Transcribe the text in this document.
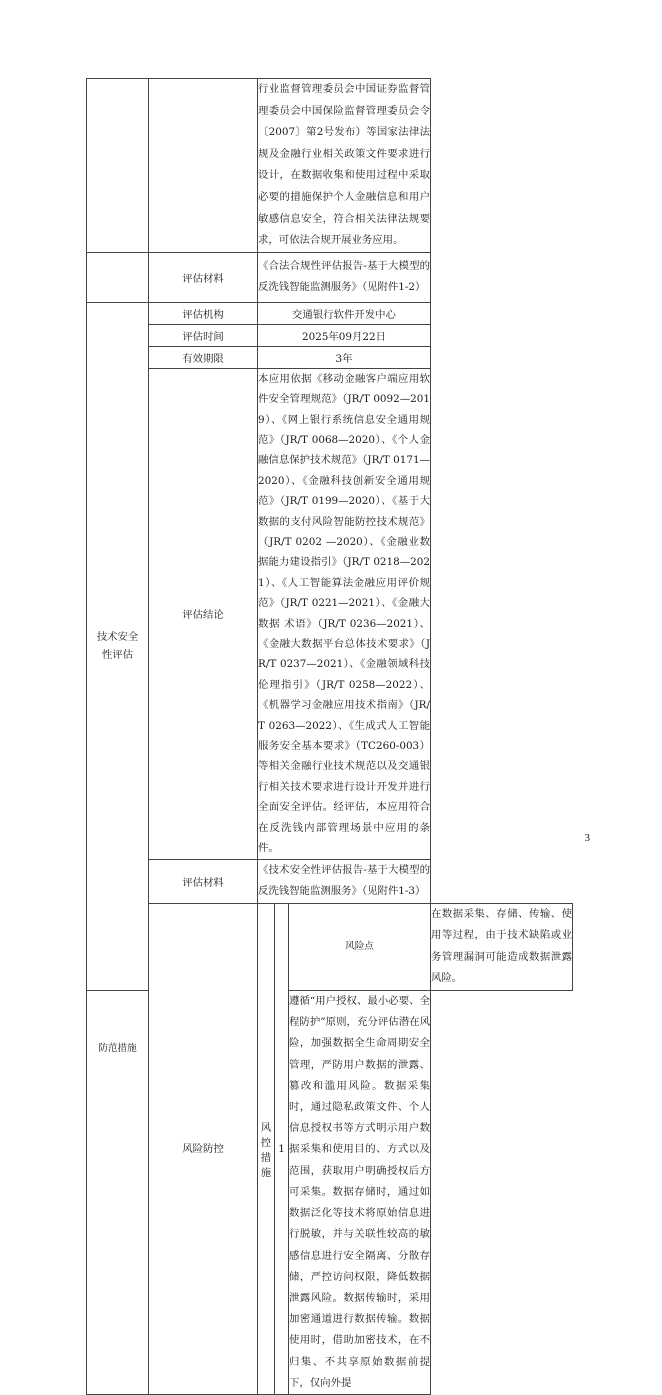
		行业监督管理委员会中国证券监督管理委员会中国保险监督管理委员会令〔2007〕第2号发布）等国家法律法规及金融行业相关政策文件要求进行设计，在数据收集和使用过程中采取必要的措施保护个人金融信息和用户敏感信息安全，符合相关法律法规要求，可依法合规开展业务应用。			
	评估材料	《合法合规性评估报告-基于大模型的反洗钱智能监测服务》（见附件1-2）			

技术安全性评估	评估机构	交通银行软件开发中心			
	评估时间	2025年09月22日			
	有效期限	3年			
	评估结论	本应用依据《移动金融客户端应用软件安全管理规范》（JR/T 0092—2019）、《网上银行系统信息安全通用规范》（JR/T 0068—2020）、《个人金融信息保护技术规范》（JR/T 0171—2020）、《金融科技创新安全通用规范》（JR/T 0199—2020）、《基于大数据的支付风险智能防控技术规范》（JR/T 0202 —2020）、《金融业数据能力建设指引》（JR/T 0218—2021）、《人工智能算法金融应用评价规范》（JR/T 0221—2021）、《金融大数据 术语》（JR/T 0236—2021）、《金融大数据平台总体技术要求》（JR/T 0237—2021）、《金融领域科技伦理指引》（JR/T 0258—2022）、《机器学习金融应用技术指南》（JR/T 0263—2022）、《生成式人工智能服务安全基本要求》（TC260-003）等相关金融行业技术规范以及交通银行相关技术要求进行设计开发并进行全面安全评估。经评估，本应用符合在反洗钱内部管理场景中应用的条件。			
	评估材料	《技术安全性评估报告-基于大模型的反洗钱智能监测服务》（见附件1-3）			
	风险防控	风控措施	1	风险点	在数据采集、存储、传输、使用等过程，由于技术缺陷或业务管理漏洞可能造成数据泄露风险。
防范措施				遵循“用户授权、最小必要、全程防护”原则，充分评估潜在风险，加强数据全生命周期安全管理，严防用户数据的泄露、篡改和滥用风险。数据采集时，通过隐私政策文件、个人信息授权书等方式明示用户数据采集和使用目的、方式以及范围，获取用户明确授权后方可采集。数据存储时，通过如数据泛化等技术将原始信息进行脱敏，并与关联性较高的敏感信息进行安全隔离、分散存储，严控访问权限，降低数据泄露风险。数据传输时，采用加密通道进行数据传输。数据使用时，借助加密技术，在不归集、不共享原始数据前提下，仅向外提	
3
